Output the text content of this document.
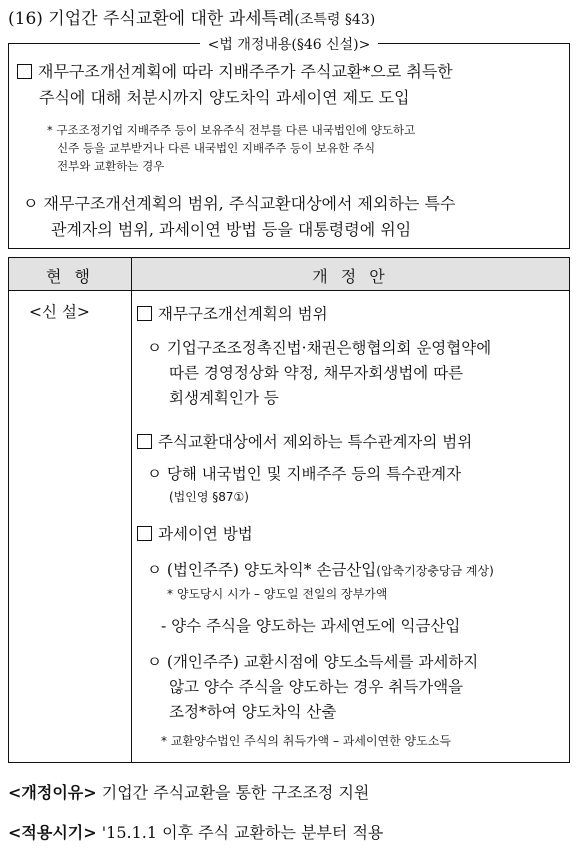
(16) 기업간 주식교환에 대한 과세특례(조특령 §43)
<법 개정내용(§46 신설)>
재무구조개선계획에 따라 지배주주가 주식교환*으로 취득한
주식에 대해 처분시까지 양도차익 과세이연 제도 도입
* 구조조정기업 지배주주 등이 보유주식 전부를 다른 내국법인에 양도하고
신주 등을 교부받거나 다른 내국법인 지배주주 등이 보유한 주식
전부와 교환하는 경우
ㅇ 재무구조개선계획의 범위, 주식교환대상에서 제외하는 특수
관계자의 범위, 과세이연 방법 등을 대통령령에 위임
현 행	개 정 안
<신 설>	재무구조개선계획의 범위
ㅇ 기업구조조정촉진법·채권은행협의회 운영협약에
따른 경영정상화 약정, 채무자회생법에 따른
회생계획인가 등
주식교환대상에서 제외하는 특수관계자의 범위
ㅇ 당해 내국법인 및 지배주주 등의 특수관계자
(법인영 §87①)
과세이연 방법
ㅇ (법인주주) 양도차익* 손금산입(압축기장충당금 계상)
* 양도당시 시가 – 양도일 전일의 장부가액
- 양수 주식을 양도하는 과세연도에 익금산입
ㅇ (개인주주) 교환시점에 양도소득세를 과세하지
않고 양수 주식을 양도하는 경우 취득가액을
조정*하여 양도차익 산출
* 교환양수법인 주식의 취득가액 – 과세이연한 양도소득
<개정이유> 기업간 주식교환을 통한 구조조정 지원
<적용시기> '15.1.1 이후 주식 교환하는 분부터 적용
